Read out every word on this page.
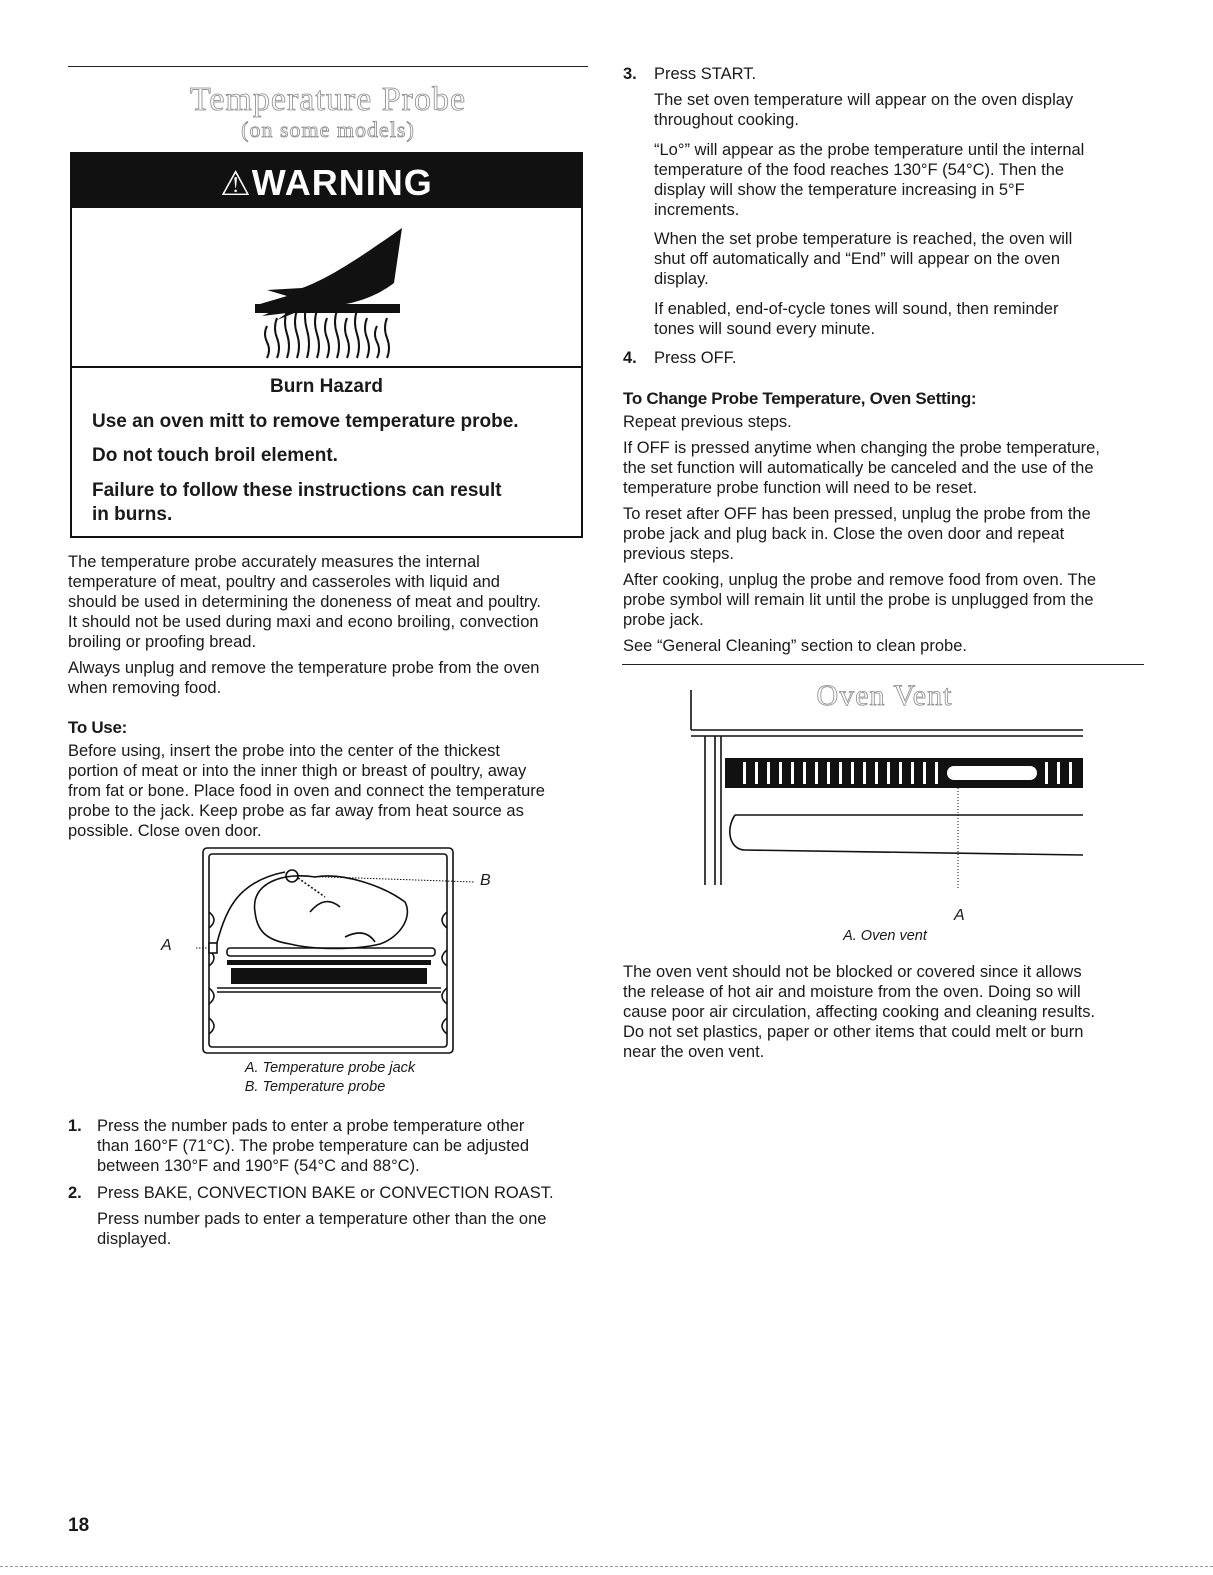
Temperature Probe
(on some models)
⚠WARNING
Burn Hazard

Use an oven mitt to remove temperature probe.

Do not touch broil element.

Failure to follow these instructions can result

in burns.

The temperature probe accurately measures the internal

temperature of meat, poultry and casseroles with liquid and

should be used in determining the doneness of meat and poultry.

It should not be used during maxi and econo broiling, convection

broiling or proofing bread.

Always unplug and remove the temperature probe from the oven

when removing food.

To Use:

Before using, insert the probe into the center of the thickest

portion of meat or into the inner thigh or breast of poultry, away

from fat or bone. Place food in oven and connect the temperature

probe to the jack. Keep probe as far away from heat source as

possible. Close oven door.

B
A
A. Temperature probe jack
B. Temperature probe
1. Press the number pads to enter a probe temperature other

than 160°F (71°C). The probe temperature can be adjusted

between 130°F and 190°F (54°C and 88°C).

2. Press BAKE, CONVECTION BAKE or CONVECTION ROAST.

Press number pads to enter a temperature other than the one

displayed.

3. Press START.

The set oven temperature will appear on the oven display

throughout cooking.

“Lo°” will appear as the probe temperature until the internal

temperature of the food reaches 130°F (54°C). Then the

display will show the temperature increasing in 5°F

increments.

When the set probe temperature is reached, the oven will

shut off automatically and “End” will appear on the oven

display.

If enabled, end-of-cycle tones will sound, then reminder

tones will sound every minute.

4. Press OFF.

To Change Probe Temperature, Oven Setting:

Repeat previous steps.

If OFF is pressed anytime when changing the probe temperature,

the set function will automatically be canceled and the use of the

temperature probe function will need to be reset.

To reset after OFF has been pressed, unplug the probe from the

probe jack and plug back in. Close the oven door and repeat

previous steps.

After cooking, unplug the probe and remove food from oven. The

probe symbol will remain lit until the probe is unplugged from the

probe jack.

See “General Cleaning” section to clean probe.

Oven Vent
A
A. Oven vent

The oven vent should not be blocked or covered since it allows

the release of hot air and moisture from the oven. Doing so will

cause poor air circulation, affecting cooking and cleaning results.

Do not set plastics, paper or other items that could melt or burn

near the oven vent.

18
